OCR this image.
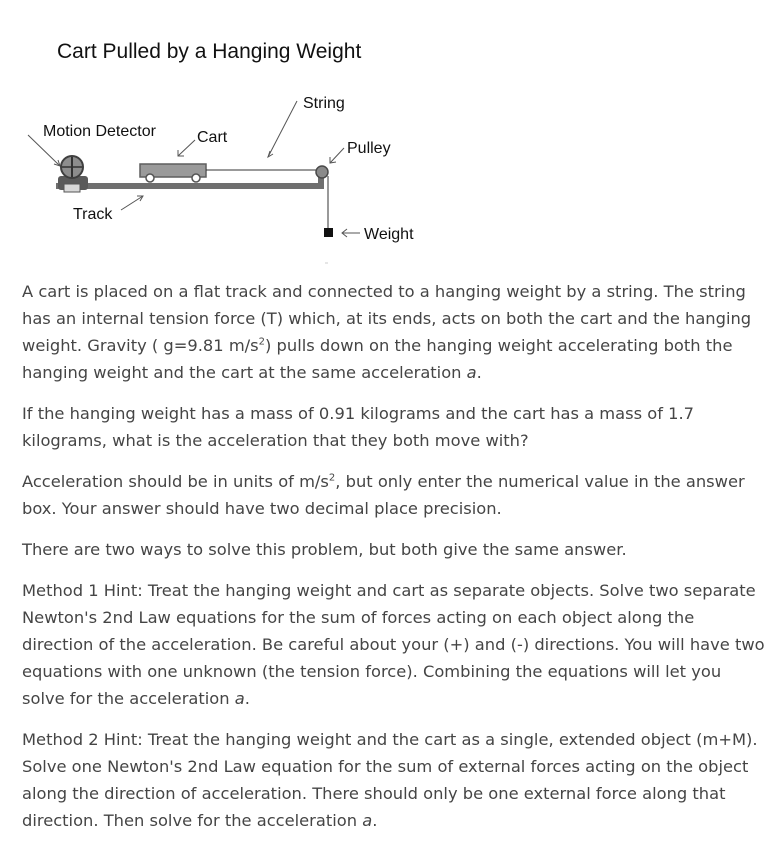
Cart Pulled by a Hanging Weight
String
Motion Detector	Cart
Pulley
Track
Weight

A cart is placed on a flat track and connected to a hanging weight by a string. The string has an internal tension force (T) which, at its ends, acts on both the cart and the hanging weight. Gravity ( g=9.81 $m/s^2$) pulls down on the hanging weight accelerating both the hanging weight and the cart at the same acceleration a.

If the hanging weight has a mass of 0.91 kilograms and the cart has a mass of 1.7 kilograms, what is the acceleration that they both move with?

Acceleration should be in units of $m/s^2$, but only enter the numerical value in the answer box. Your answer should have two decimal place precision.

There are two ways to solve this problem, but both give the same answer.

Method 1 Hint: Treat the hanging weight and cart as separate objects. Solve two separate Newton's 2nd Law equations for the sum of forces acting on each object along the direction of the acceleration. Be careful about your (+) and (-) directions. You will have two equations with one unknown (the tension force). Combining the equations will let you solve for the acceleration a.

Method 2 Hint: Treat the hanging weight and the cart as a single, extended object (m+M). Solve one Newton's 2nd Law equation for the sum of external forces acting on the object along the direction of acceleration. There should only be one external force along that direction. Then solve for the acceleration a.
